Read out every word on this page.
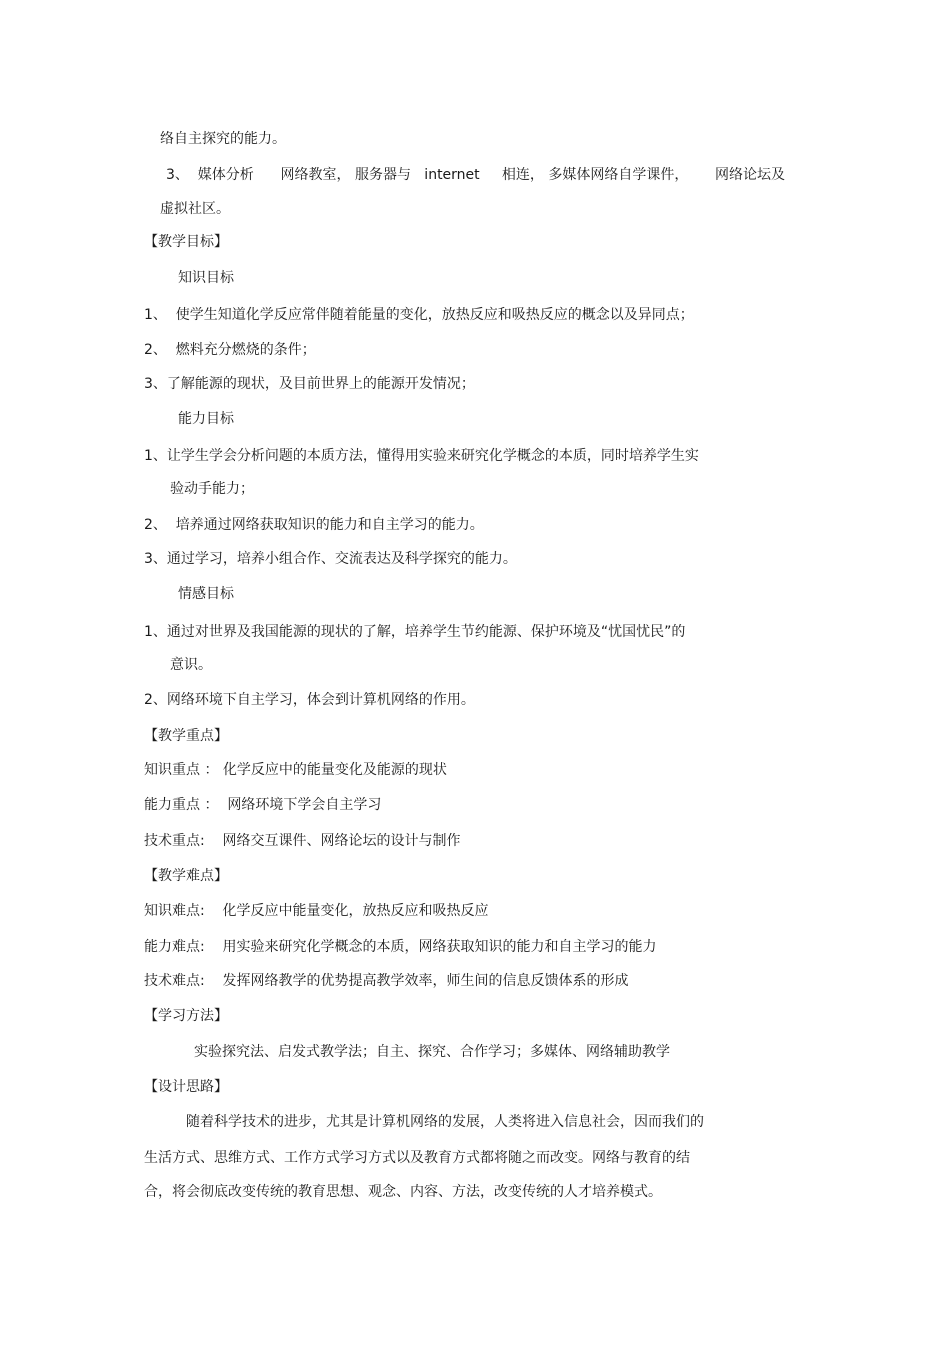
络自主探究的能力。
3、  媒体分析      网络教室， 服务器与   internet     相连， 多媒体网络自学课件，      网络论坛及
虚拟社区。
【教学目标】
知识目标
1、  使学生知道化学反应常伴随着能量的变化，放热反应和吸热反应的概念以及异同点；
2、  燃料充分燃烧的条件；
3、了解能源的现状，及目前世界上的能源开发情况；
能力目标
1、让学生学会分析问题的本质方法，懂得用实验来研究化学概念的本质，同时培养学生实
验动手能力；
2、  培养通过网络获取知识的能力和自主学习的能力。
3、通过学习，培养小组合作、交流表达及科学探究的能力。
情感目标
1、通过对世界及我国能源的现状的了解，培养学生节约能源、保护环境及“忧国忧民”的
意识。
2、网络环境下自主学习，体会到计算机网络的作用。
【教学重点】
知识重点 ： 化学反应中的能量变化及能源的现状
能力重点 ：  网络环境下学会自主学习
技术重点:    网络交互课件、网络论坛的设计与制作
【教学难点】
知识难点:    化学反应中能量变化，放热反应和吸热反应
能力难点:    用实验来研究化学概念的本质，网络获取知识的能力和自主学习的能力
技术难点:    发挥网络教学的优势提高教学效率，师生间的信息反馈体系的形成
【学习方法】
实验探究法、启发式教学法；自主、探究、合作学习；多媒体、网络辅助教学
【设计思路】
随着科学技术的进步，尤其是计算机网络的发展，人类将进入信息社会，因而我们的
生活方式、思维方式、工作方式学习方式以及教育方式都将随之而改变。网络与教育的结
合，将会彻底改变传统的教育思想、观念、内容、方法，改变传统的人才培养模式。
